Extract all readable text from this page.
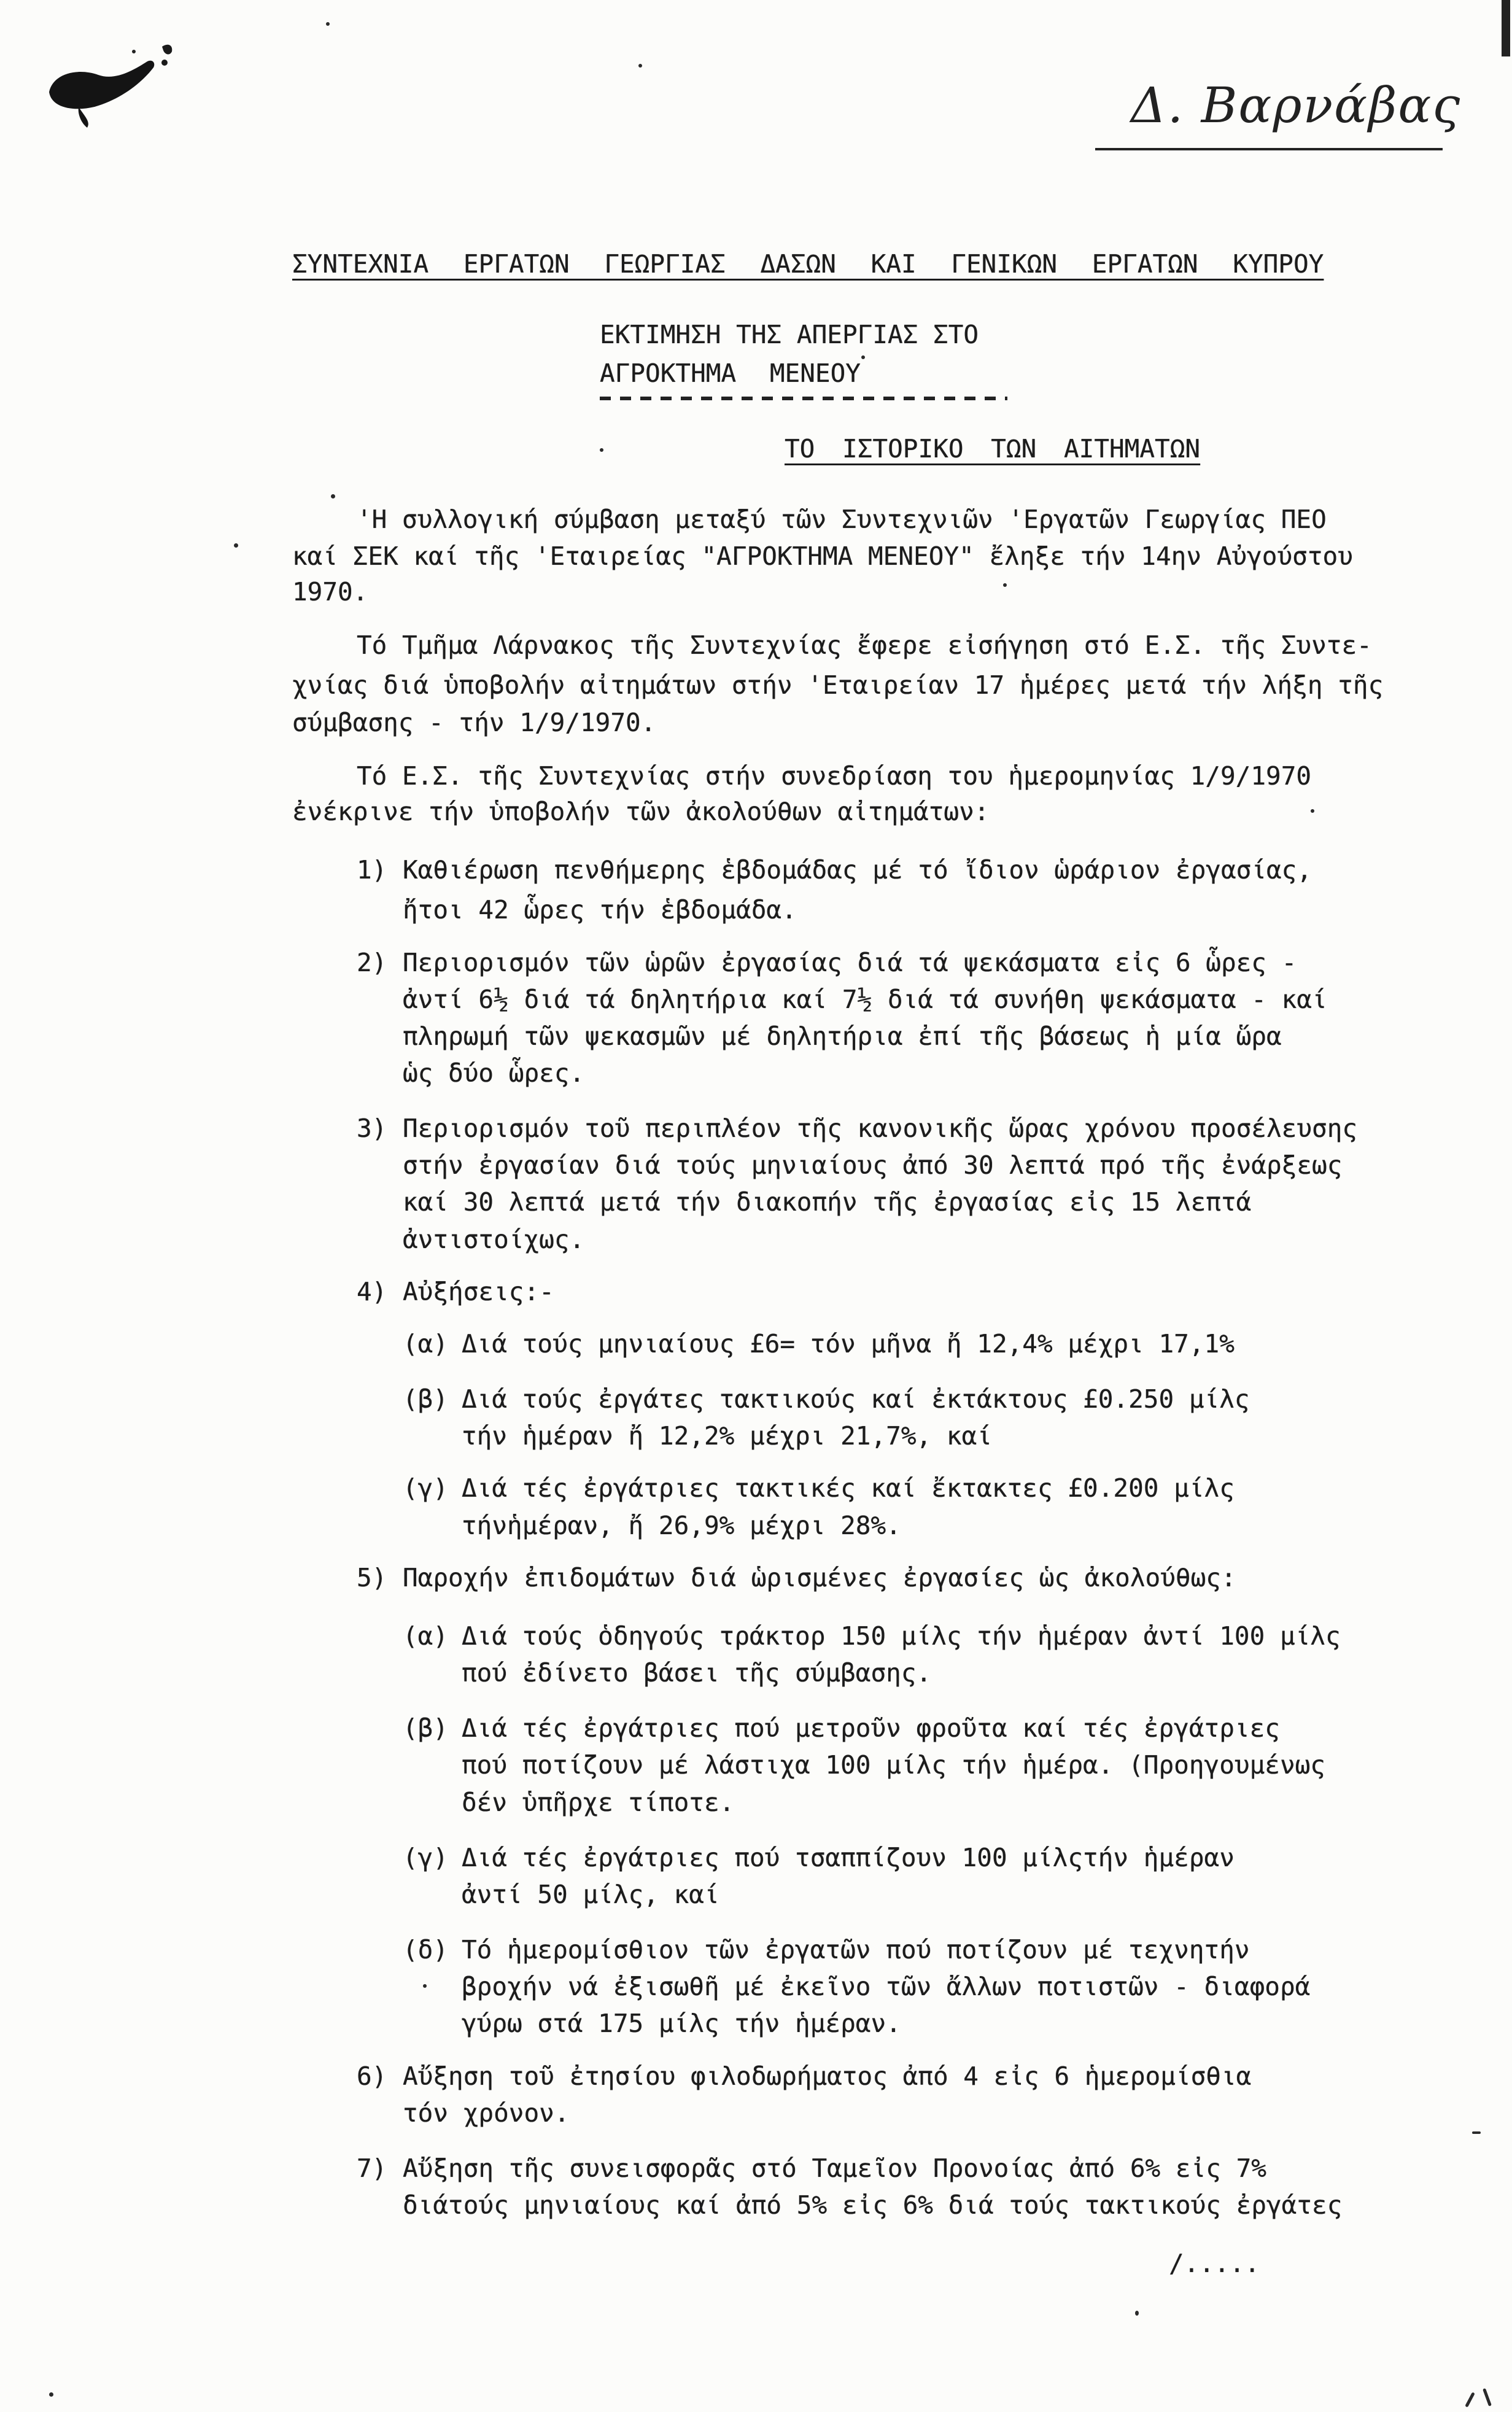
Δ. Βαρνάβας
ΣΥΝΤΕΧΝΙΑ ΕΡΓΑΤΩΝ ΓΕΩΡΓΙΑΣ ΔΑΣΩΝ ΚΑΙ ΓΕΝΙΚΩΝ ΕΡΓΑΤΩΝ ΚΥΠΡΟΥ
ΕΚΤΙΜΗΣΗ ΤΗΣ ΑΠΕΡΓΙΑΣ ΣΤΟ
ΑΓΡΟΚΤΗΜΑ ΜΕΝΕΟΥ
ΤΟ ΙΣΤΟΡΙΚΟ ΤΩΝ ΑΙΤΗΜΑΤΩΝ
'Η συλλογική σύμβαση μεταξύ τῶν Συντεχνιῶν 'Εργατῶν Γεωργίας ΠΕΟ
καί ΣΕΚ καί τῆς 'Εταιρείας "ΑΓΡΟΚΤΗΜΑ ΜΕΝΕΟΥ" ἔληξε τήν 14ην Αὐγούστου
1970.
Τό Τμῆμα Λάρνακος τῆς Συντεχνίας ἔφερε εἰσήγηση στό Ε.Σ. τῆς Συντε-
χνίας διά ὑποβολήν αἰτημάτων στήν 'Εταιρείαν 17 ἡμέρες μετά τήν λήξη τῆς
σύμβασης - τήν 1/9/1970.
Τό Ε.Σ. τῆς Συντεχνίας στήν συνεδρίαση του ἡμερομηνίας 1/9/1970
ἐνέκρινε τήν ὑποβολήν τῶν ἀκολούθων αἰτημάτων:
1) Καθιέρωση πενθήμερης ἑβδομάδας μέ τό ἴδιον ὡράριον ἐργασίας,
ἤτοι 42 ὧρες τήν ἑβδομάδα.
2) Περιορισμόν τῶν ὡρῶν ἐργασίας διά τά ψεκάσματα εἰς 6 ὧρες -
ἀντί 6½ διά τά δηλητήρια καί 7½ διά τά συνήθη ψεκάσματα - καί
πληρωμή τῶν ψεκασμῶν μέ δηλητήρια ἐπί τῆς βάσεως ἡ μία ὥρα
ὡς δύο ὧρες.
3) Περιορισμόν τοῦ περιπλέον τῆς κανονικῆς ὥρας χρόνου προσέλευσης
στήν ἐργασίαν διά τούς μηνιαίους ἀπό 30 λεπτά πρό τῆς ἐνάρξεως
καί 30 λεπτά μετά τήν διακοπήν τῆς ἐργασίας εἰς 15 λεπτά
ἀντιστοίχως.
4) Αὐξήσεις:-
(α) Διά τούς μηνιαίους £6= τόν μῆνα ἤ 12,4% μέχρι 17,1%
(β) Διά τούς ἐργάτες τακτικούς καί ἐκτάκτους £0.250 μίλς
τήν ἡμέραν ἤ 12,2% μέχρι 21,7%, καί
(γ) Διά τές ἐργάτριες τακτικές καί ἔκτακτες £0.200 μίλς
τήνἡμέραν, ἤ 26,9% μέχρι 28%.
5) Παροχήν ἐπιδομάτων διά ὡρισμένες ἐργασίες ὡς ἀκολούθως:
(α) Διά τούς ὁδηγούς τράκτορ 150 μίλς τήν ἡμέραν ἀντί 100 μίλς
πού ἐδίνετο βάσει τῆς σύμβασης.
(β) Διά τές ἐργάτριες πού μετροῦν φροῦτα καί τές ἐργάτριες
πού ποτίζουν μέ λάστιχα 100 μίλς τήν ἡμέρα. (Προηγουμένως
δέν ὑπῆρχε τίποτε.
(γ) Διά τές ἐργάτριες πού τσαππίζουν 100 μίλςτήν ἡμέραν
ἀντί 50 μίλς, καί
(δ) Τό ἡμερομίσθιον τῶν ἐργατῶν πού ποτίζουν μέ τεχνητήν
βροχήν νά ἐξισωθῆ μέ ἐκεῖνο τῶν ἄλλων ποτιστῶν - διαφορά
γύρω στά 175 μίλς τήν ἡμέραν.
6) Αὔξηση τοῦ ἐτησίου φιλοδωρήματος ἀπό 4 εἰς 6 ἡμερομίσθια
τόν χρόνον.
7) Αὔξηση τῆς συνεισφορᾶς στό Ταμεῖον Προνοίας ἀπό 6% εἰς 7%
διάτούς μηνιαίους καί ἀπό 5% εἰς 6% διά τούς τακτικούς ἐργάτες
/.....
